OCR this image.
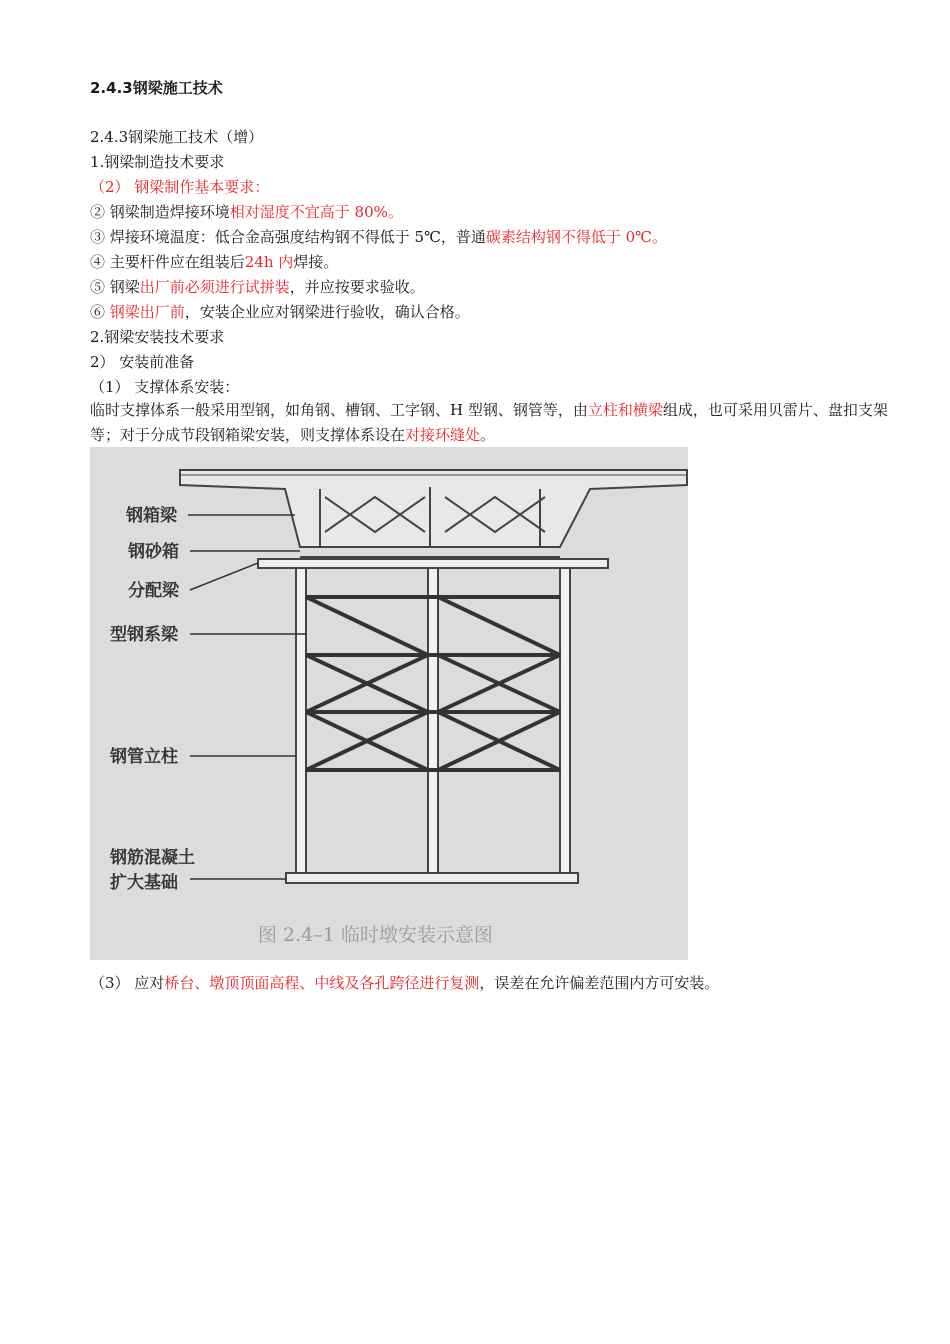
2.4.3钢梁施工技术
2.4.3钢梁施工技术（增）
1.钢梁制造技术要求
（2） 钢梁制作基本要求：
② 钢梁制造焊接环境相对湿度不宜高于 80%。
③ 焊接环境温度：低合金高强度结构钢不得低于 5℃，普通碳素结构钢不得低于 0℃。
④ 主要杆件应在组装后24h 内焊接。
⑤ 钢梁出厂前必须进行试拼装，并应按要求验收。
⑥ 钢梁出厂前，安装企业应对钢梁进行验收，确认合格。
2.钢梁安装技术要求
2） 安装前准备
（1） 支撑体系安装：
临时支撑体系一般采用型钢，如角钢、槽钢、工字钢、H 型钢、钢管等，由立柱和横梁组成，也可采用贝雷片、盘扣支架等；对于分成节段钢箱梁安装，则支撑体系设在对接环缝处。
钢箱梁
钢砂箱
分配梁
型钢系梁
钢管立柱
钢筋混凝土
扩大基础
图 2.4–1 临时墩安装示意图
（3） 应对桥台、墩顶顶面高程、中线及各孔跨径进行复测，误差在允许偏差范围内方可安装。
